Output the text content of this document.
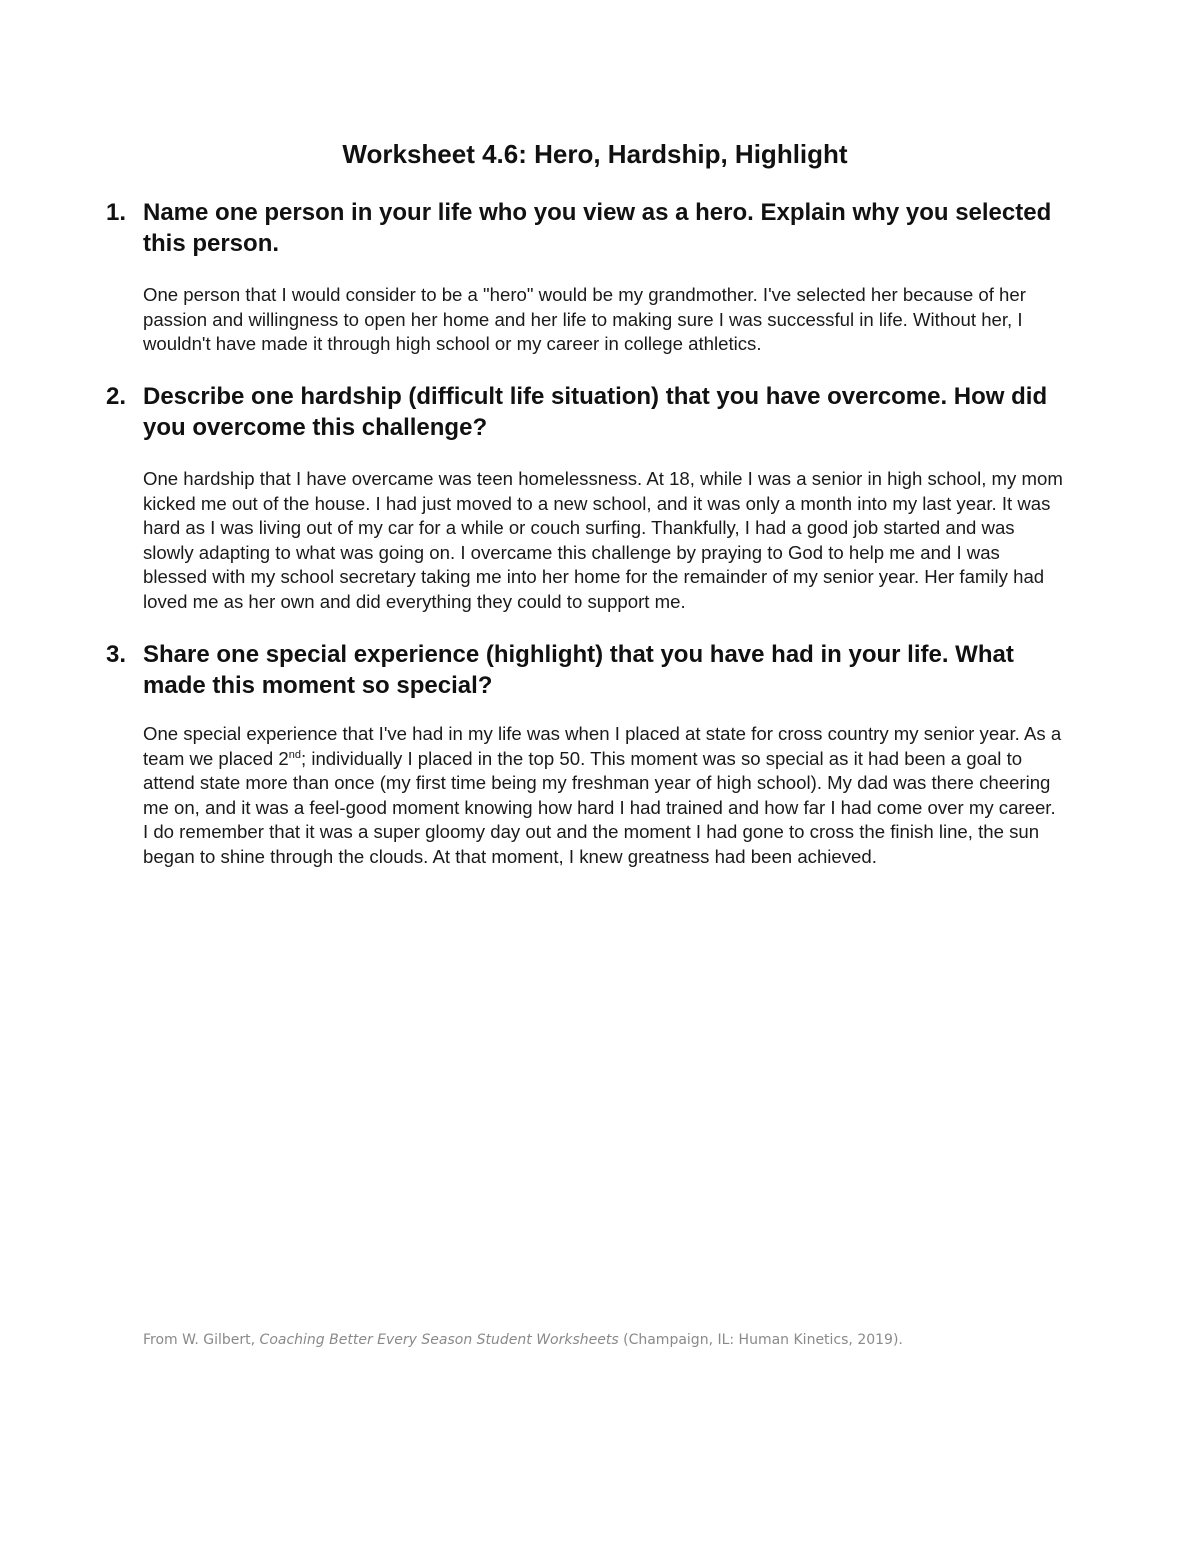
Worksheet 4.6: Hero, Hardship, Highlight
1. Name one person in your life who you view as a hero. Explain why you selected this person.
One person that I would consider to be a "hero" would be my grandmother. I've selected her because of her passion and willingness to open her home and her life to making sure I was successful in life. Without her, I wouldn't have made it through high school or my career in college athletics.
2. Describe one hardship (difficult life situation) that you have overcome. How did you overcome this challenge?
One hardship that I have overcame was teen homelessness. At 18, while I was a senior in high school, my mom kicked me out of the house. I had just moved to a new school, and it was only a month into my last year. It was hard as I was living out of my car for a while or couch surfing. Thankfully, I had a good job started and was slowly adapting to what was going on. I overcame this challenge by praying to God to help me and I was blessed with my school secretary taking me into her home for the remainder of my senior year. Her family had loved me as her own and did everything they could to support me.
3. Share one special experience (highlight) that you have had in your life. What made this moment so special?
One special experience that I've had in my life was when I placed at state for cross country my senior year. As a team we placed 2nd; individually I placed in the top 50. This moment was so special as it had been a goal to attend state more than once (my first time being my freshman year of high school). My dad was there cheering me on, and it was a feel-good moment knowing how hard I had trained and how far I had come over my career. I do remember that it was a super gloomy day out and the moment I had gone to cross the finish line, the sun began to shine through the clouds. At that moment, I knew greatness had been achieved.
From W. Gilbert, Coaching Better Every Season Student Worksheets (Champaign, IL: Human Kinetics, 2019).
